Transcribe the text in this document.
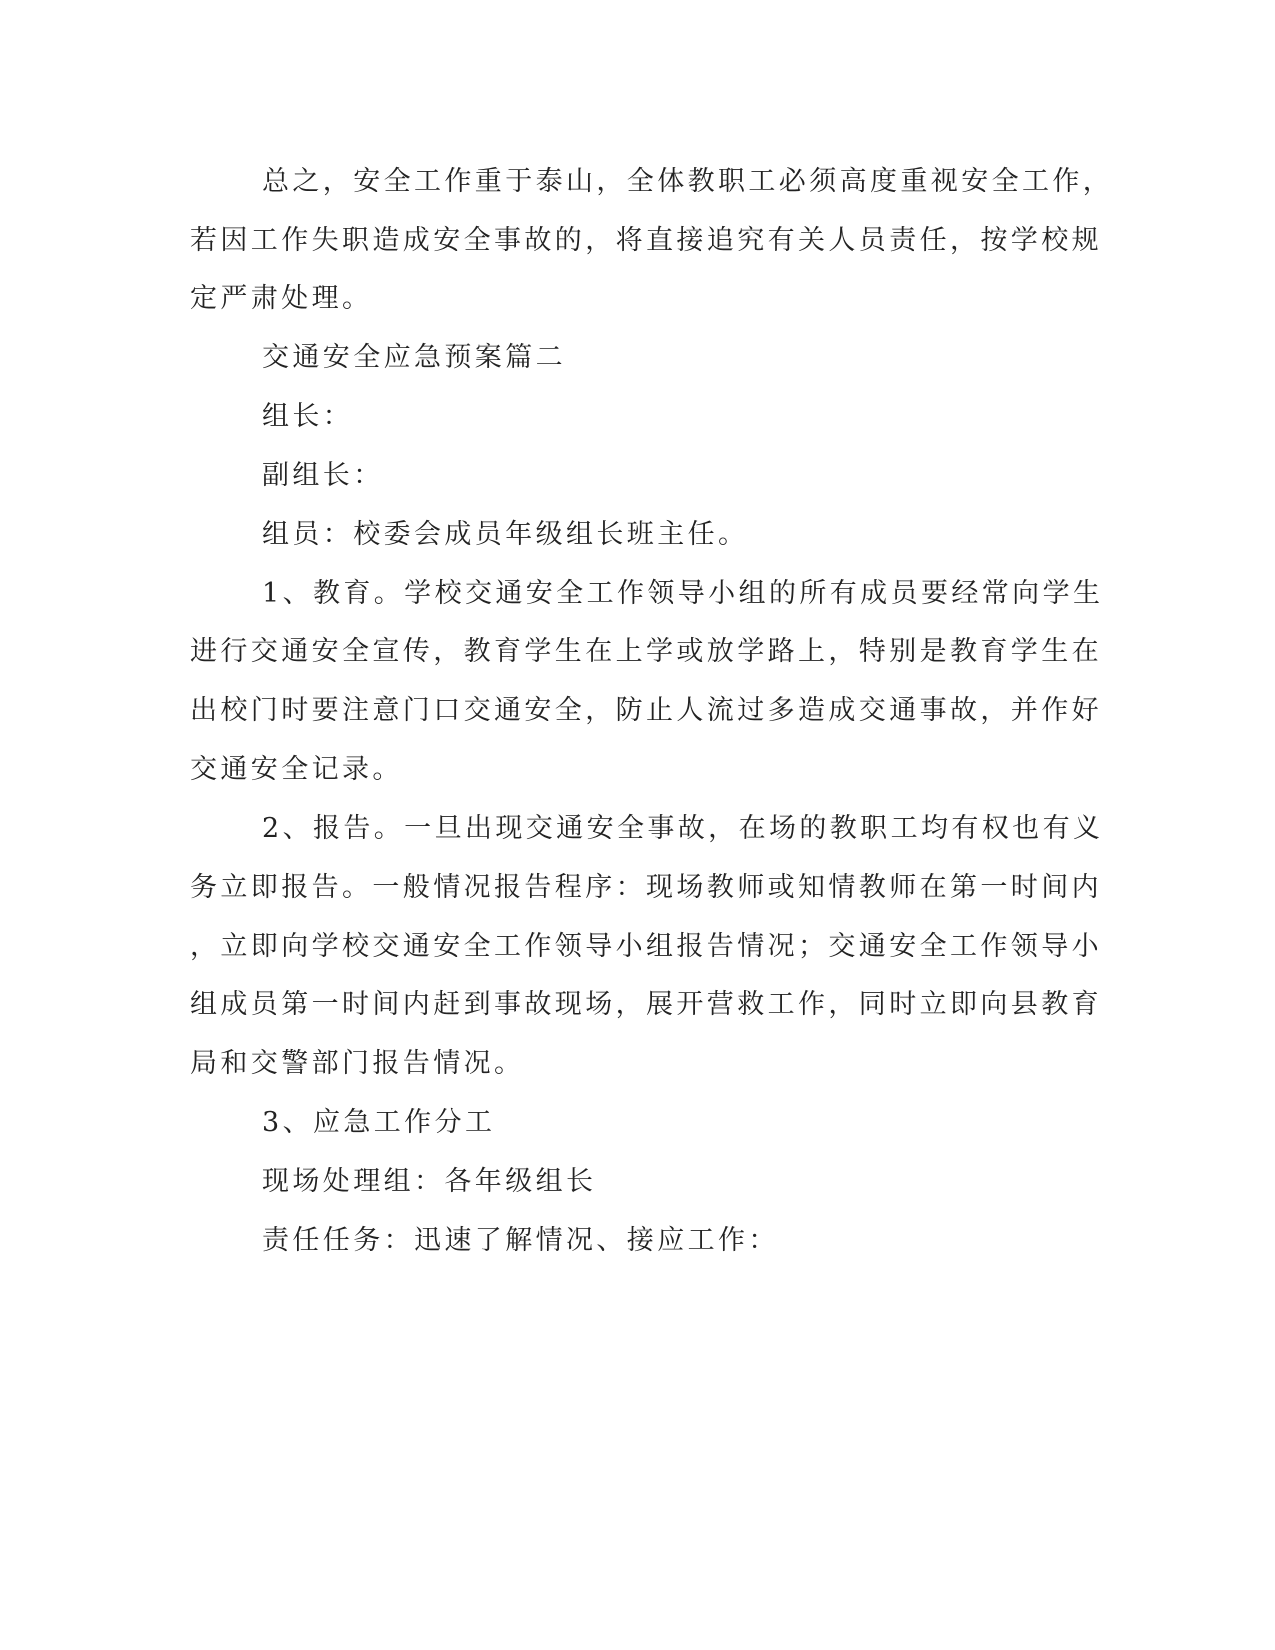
总之，安全工作重于泰山，全体教职工必须高度重视安全工作，

若因工作失职造成安全事故的，将直接追究有关人员责任，按学校规

定严肃处理。

交通安全应急预案篇二

组长：

副组长：

组员：校委会成员年级组长班主任。

1、教育。学校交通安全工作领导小组的所有成员要经常向学生

进行交通安全宣传，教育学生在上学或放学路上，特别是教育学生在

出校门时要注意门口交通安全，防止人流过多造成交通事故，并作好

交通安全记录。

2、报告。一旦出现交通安全事故，在场的教职工均有权也有义

务立即报告。一般情况报告程序：现场教师或知情教师在第一时间内

，立即向学校交通安全工作领导小组报告情况；交通安全工作领导小

组成员第一时间内赶到事故现场，展开营救工作，同时立即向县教育

局和交警部门报告情况。

3、应急工作分工

现场处理组：各年级组长

责任任务：迅速了解情况、接应工作：
